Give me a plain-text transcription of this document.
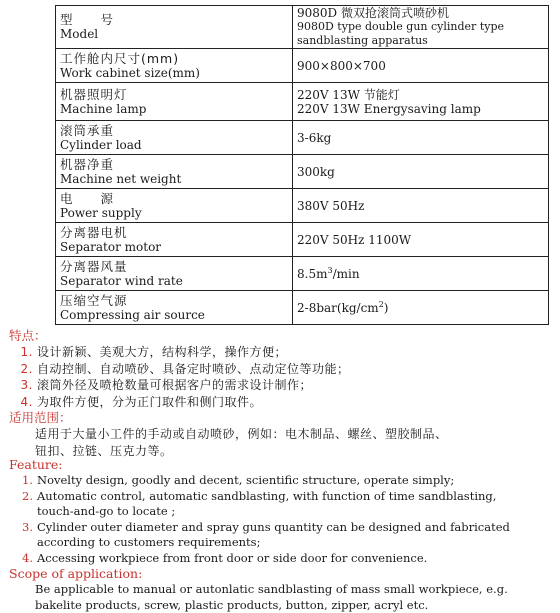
型　　号
Model	9080D 微双抢滚筒式喷砂机
9080D type double gun cylinder type sandblasting apparatus

工作舱内尺寸(mm)
Work cabinet size(mm)	900×800×700

机器照明灯
Machine lamp	220V 13W 节能灯
220V 13W Energysaving lamp

滚筒承重
Cylinder load	3-6kg

机器净重
Machine net weight	300kg

电　　源
Power supply	380V 50Hz

分离器电机
Separator motor	220V 50Hz 1100W

分离器风量
Separator wind rate	$8.5m^3/\min$

压缩空气源
Compressing air source	$2-8bar(kg/cm^2)$
特点：
1. 设计新颖、美观大方，结构科学，操作方便；
2. 自动控制、自动喷砂、具备定时喷砂、点动定位等功能；
3. 滚筒外径及喷枪数量可根据客户的需求设计制作；
4. 为取件方便，分为正门取件和侧门取件。
适用范围：
适用于大量小工件的手动或自动喷砂，例如：电木制品、螺丝、塑胶制品、
钮扣、拉链、压克力等。
Feature:
1. Novelty design, goodly and decent, scientific structure, operate simply;
2. Automatic control, automatic sandblasting, with function of time sandblasting,
touch-and-go to locate ;
3. Cylinder outer diameter and spray guns quantity can be designed and fabricated
according to customers requirements;
4. Accessing workpiece from front door or side door for convenience.
Scope of application:
Be applicable to manual or autonlatic sandblasting of mass small workpiece, e.g.
bakelite products, screw, plastic products, button, zipper, acryl etc.
